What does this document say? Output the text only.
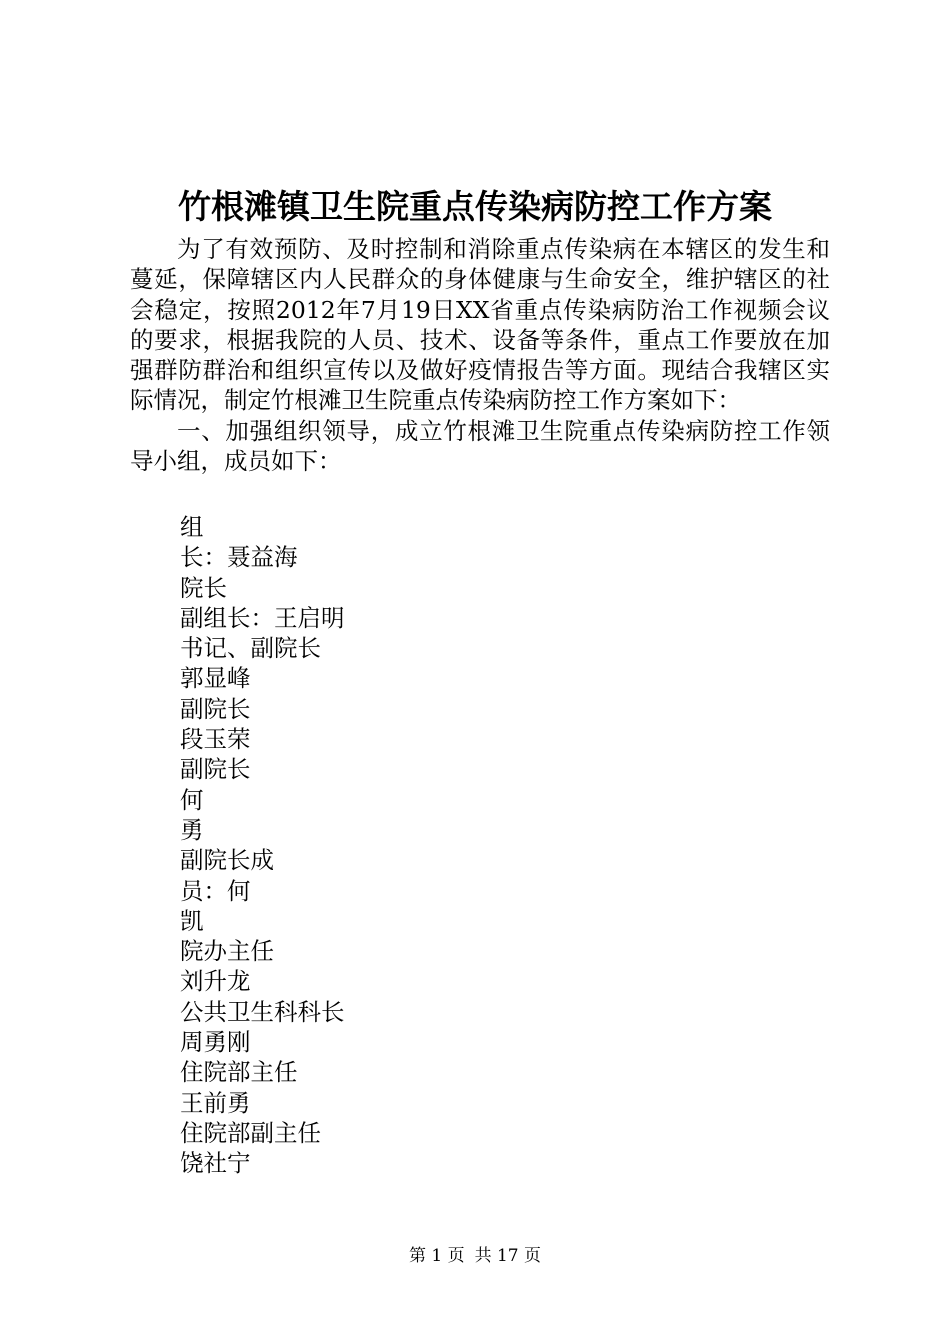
竹根滩镇卫生院重点传染病防控工作方案

为了有效预防、及时控制和消除重点传染病在本辖区的发生和蔓延，保障辖区内人民群众的身体健康与生命安全，维护辖区的社会稳定，按照2012年7月19日XX省重点传染病防治工作视频会议的要求，根据我院的人员、技术、设备等条件，重点工作要放在加强群防群治和组织宣传以及做好疫情报告等方面。现结合我辖区实际情况，制定竹根滩卫生院重点传染病防控工作方案如下：

一、加强组织领导，成立竹根滩卫生院重点传染病防控工作领导小组，成员如下：

组
长：聂益海
院长
副组长：王启明
书记、副院长
郭显峰
副院长
段玉荣
副院长
何
勇
副院长成
员：何
凯
院办主任
刘升龙
公共卫生科科长
周勇刚
住院部主任
王前勇
住院部副主任
饶社宁
第 1 页 共 17 页
